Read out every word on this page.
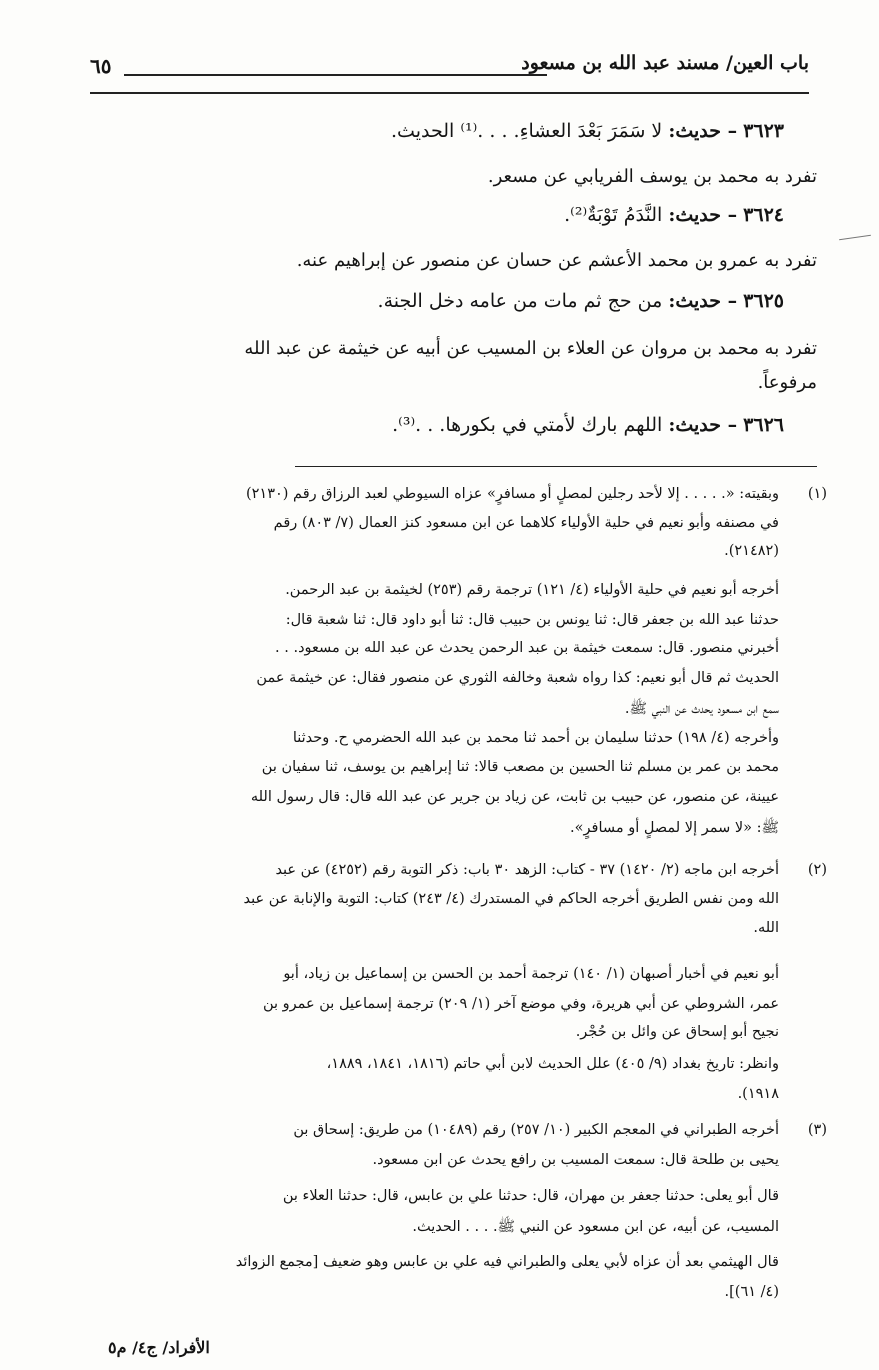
باب العين/ مسند عبد الله بن مسعود
٦٥
٣٦٢٣ – حديث: لا سَمَرَ بَعْدَ العشاءِ. . . .⁽¹⁾ الحديث.
تفرد به محمد بن يوسف الفريابي عن مسعر.
٣٦٢٤ – حديث: النَّدَمُ تَوْبَةٌ⁽²⁾.
تفرد به عمرو بن محمد الأعشم عن حسان عن منصور عن إبراهيم عنه.
٣٦٢٥ – حديث: من حج ثم مات من عامه دخل الجنة.
تفرد به محمد بن مروان عن العلاء بن المسيب عن أبيه عن خيثمة عن عبد الله
مرفوعاً.
٣٦٢٦ – حديث: اللهم بارك لأمتي في بكورها. . .⁽³⁾.
(١)
وبقيته: «. . . . . إلا لأحد رجلين لمصلٍ أو مسافرٍ» عزاه السيوطي لعبد الرزاق رقم (٢١٣٠)
في مصنفه وأبو نعيم في حلية الأولياء كلاهما عن ابن مسعود كنز العمال (٧/ ٨٠٣) رقم
(٢١٤٨٢).
أخرجه أبو نعيم في حلية الأولياء (٤/ ١٢١) ترجمة رقم (٢٥٣) لخيثمة بن عبد الرحمن.
حدثنا عبد الله بن جعفر قال: ثنا يونس بن حبيب قال: ثنا أبو داود قال: ثنا شعبة قال:
أخبرني منصور. قال: سمعت خيثمة بن عبد الرحمن يحدث عن عبد الله بن مسعود. . .
الحديث ثم قال أبو نعيم: كذا رواه شعبة وخالفه الثوري عن منصور فقال: عن خيثمة عمن
سمع ابن مسعود يحدث عن النبي ﷺ.
وأخرجه (٤/ ١٩٨) حدثنا سليمان بن أحمد ثنا محمد بن عبد الله الحضرمي ح. وحدثنا
محمد بن عمر بن مسلم ثنا الحسين بن مصعب قالا: ثنا إبراهيم بن يوسف، ثنا سفيان بن
عيينة، عن منصور، عن حبيب بن ثابت، عن زياد بن جرير عن عبد الله قال: قال رسول الله
ﷺ: «لا سمر إلا لمصلٍ أو مسافرٍ».
(٢)
أخرجه ابن ماجه (٢/ ١٤٢٠) ٣٧ - كتاب: الزهد ٣٠ باب: ذكر التوبة رقم (٤٢٥٢) عن عبد
الله ومن نفس الطريق أخرجه الحاكم في المستدرك (٤/ ٢٤٣) كتاب: التوبة والإنابة عن عبد
الله.
أبو نعيم في أخبار أصبهان (١/ ١٤٠) ترجمة أحمد بن الحسن بن إسماعيل بن زياد، أبو
عمر، الشروطي عن أبي هريرة، وفي موضع آخر (١/ ٢٠٩) ترجمة إسماعيل بن عمرو بن
نجيح أبو إسحاق عن وائل بن حُجْر.
وانظر: تاريخ بغداد (٩/ ٤٠٥) علل الحديث لابن أبي حاتم (١٨١٦، ١٨٤١، ١٨٨٩،
١٩١٨).
(٣)
أخرجه الطبراني في المعجم الكبير (١٠/ ٢٥٧) رقم (١٠٤٨٩) من طريق: إسحاق بن
يحيى بن طلحة قال: سمعت المسيب بن رافع يحدث عن ابن مسعود.
قال أبو يعلى: حدثنا جعفر بن مهران، قال: حدثنا علي بن عابس، قال: حدثنا العلاء بن
المسيب، عن أبيه، عن ابن مسعود عن النبي ﷺ. . . . الحديث.
قال الهيثمي بعد أن عزاه لأبي يعلى والطبراني فيه علي بن عابس وهو ضعيف [مجمع الزوائد
(٤/ ٦١)].
الأفراد/ ج٤/ م٥
